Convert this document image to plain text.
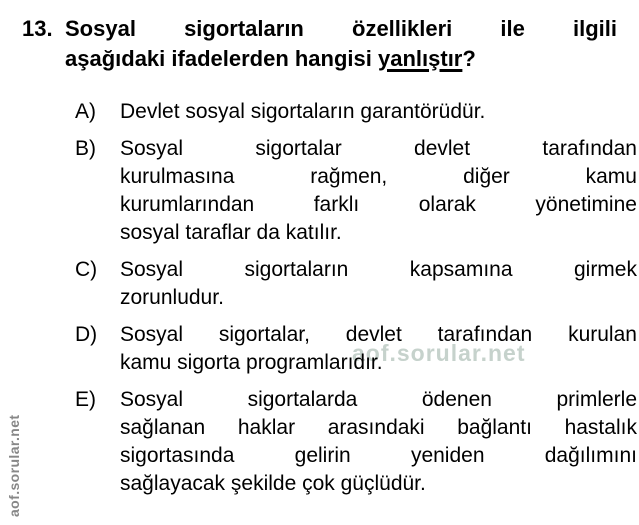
aof.sorular.net
aof.sorular.net
13. Sosyal sigortaların özellikleri ile ilgili
aşağıdaki ifadelerden hangisi yanlıştır?
A)	Devlet sosyal sigortaların garantörüdür.
B)	Sosyal	sigortalar	devlet	tarafından
kurulmasına	rağmen,	diğer	kamu
kurumlarından	farklı	olarak	yönetimine
sosyal taraflar da katılır.
C)	Sosyal	sigortaların	kapsamına	girmek
zorunludur.
D)	Sosyal sigortalar, devlet tarafından kurulan
kamu sigorta programlarıdır.
E)	Sosyal	sigortalarda	ödenen	primlerle
sağlanan haklar arasındaki bağlantı hastalık
sigortasında	gelirin	yeniden	dağılımını
sağlayacak şekilde çok güçlüdür.
